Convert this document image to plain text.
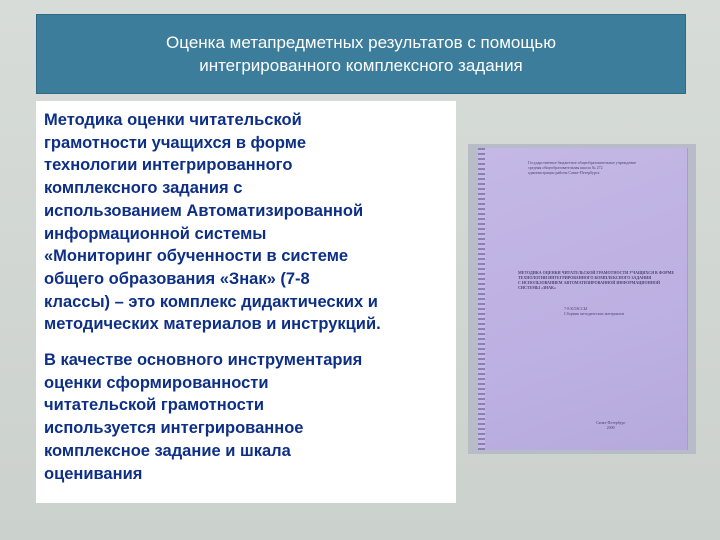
Оценка метапредметных результатов с помощью
интегрированного комплексного задания

Методика оценки читательской
грамотности учащихся в форме
технологии интегрированного
комплексного задания с
использованием Автоматизированной
информационной системы
«Мониторинг обученности в системе
общего образования «Знак» (7-8
классы) – это комплекс дидактических и
методических материалов и инструкций.

В качестве основного инструментария
оценки сформированности
читательской грамотности
используется интегрированное
комплексное задание и шкала
оценивания

Государственное бюджетное общеобразовательное учреждение
средняя общеобразовательная школа № 272
администрации района Санкт-Петербурга
МЕТОДИКА ОЦЕНКИ ЧИТАТЕЛЬСКОЙ ГРАМОТНОСТИ УЧАЩИХСЯ В ФОРМЕ
ТЕХНОЛОГИИ ИНТЕГРИРОВАННОГО КОМПЛЕКСНОГО ЗАДАНИЯ
С ИСПОЛЬЗОВАНИЕМ АВТОМАТИЗИРОВАННОЙ ИНФОРМАЦИОННОЙ
СИСТЕМЫ «ЗНАК»
7-8 КЛАССЫ
Сборник методических материалов
Санкт-Петербург
2009
